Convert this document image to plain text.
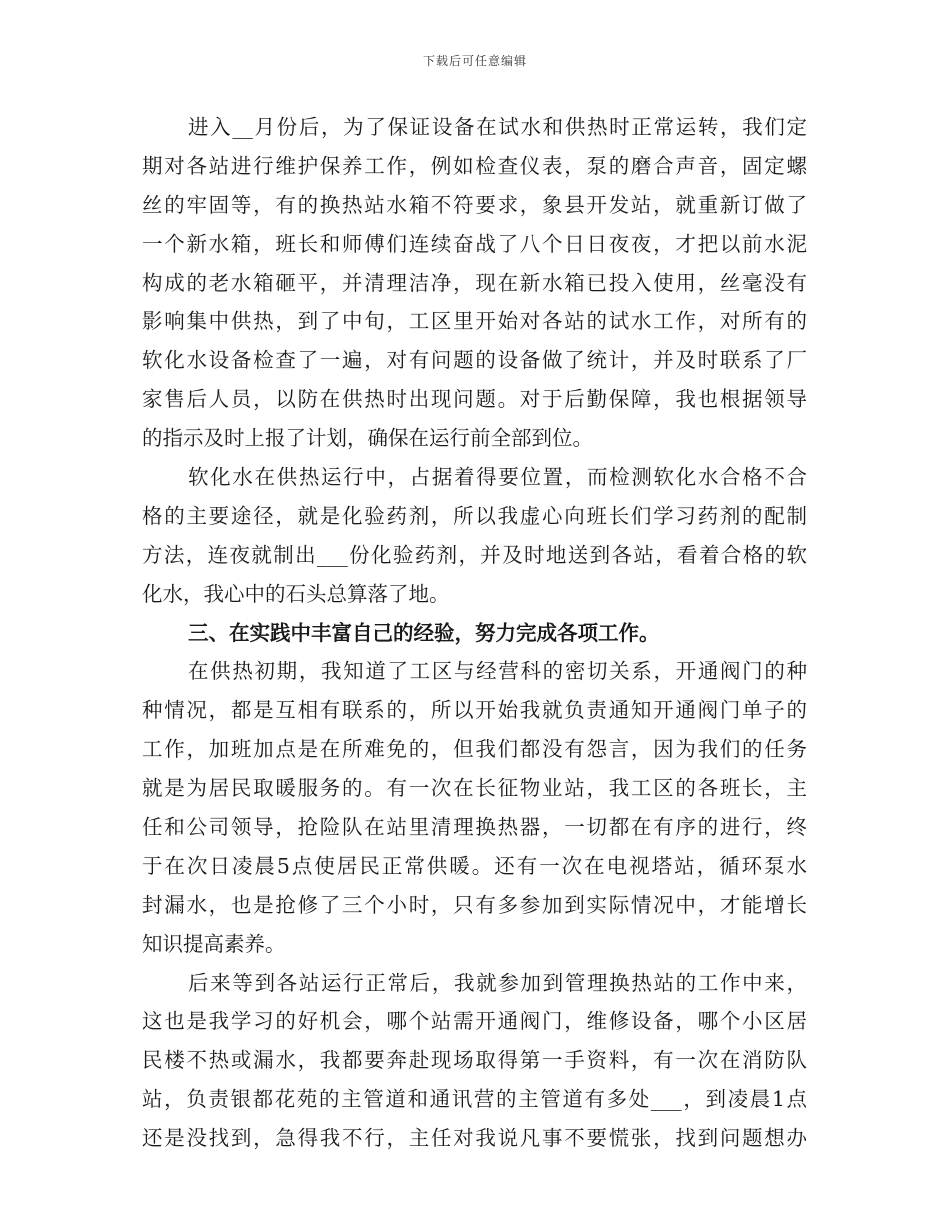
下载后可任意编辑
进入__月份后，为了保证设备在试水和供热时正常运转，我们定
期对各站进行维护保养工作，例如检查仪表，泵的磨合声音，固定螺
丝的牢固等，有的换热站水箱不符要求，象县开发站，就重新订做了
一个新水箱，班长和师傅们连续奋战了八个日日夜夜，才把以前水泥
构成的老水箱砸平，并清理洁净，现在新水箱已投入使用，丝毫没有
影响集中供热，到了中旬，工区里开始对各站的试水工作，对所有的
软化水设备检查了一遍，对有问题的设备做了统计，并及时联系了厂
家售后人员，以防在供热时出现问题。对于后勤保障，我也根据领导
的指示及时上报了计划，确保在运行前全部到位。
软化水在供热运行中，占据着得要位置，而检测软化水合格不合
格的主要途径，就是化验药剂，所以我虚心向班长们学习药剂的配制
方法，连夜就制出___份化验药剂，并及时地送到各站，看着合格的软
化水，我心中的石头总算落了地。
三、在实践中丰富自己的经验，努力完成各项工作。
在供热初期，我知道了工区与经营科的密切关系，开通阀门的种
种情况，都是互相有联系的，所以开始我就负责通知开通阀门单子的
工作，加班加点是在所难免的，但我们都没有怨言，因为我们的任务
就是为居民取暖服务的。有一次在长征物业站，我工区的各班长，主
任和公司领导，抢险队在站里清理换热器，一切都在有序的进行，终
于在次日凌晨5点使居民正常供暖。还有一次在电视塔站，循环泵水
封漏水，也是抢修了三个小时，只有多参加到实际情况中，才能增长
知识提高素养。
后来等到各站运行正常后，我就参加到管理换热站的工作中来，
这也是我学习的好机会，哪个站需开通阀门，维修设备，哪个小区居
民楼不热或漏水，我都要奔赴现场取得第一手资料，有一次在消防队
站，负责银都花苑的主管道和通讯营的主管道有多处___，到凌晨1点
还是没找到，急得我不行，主任对我说凡事不要慌张，找到问题想办
